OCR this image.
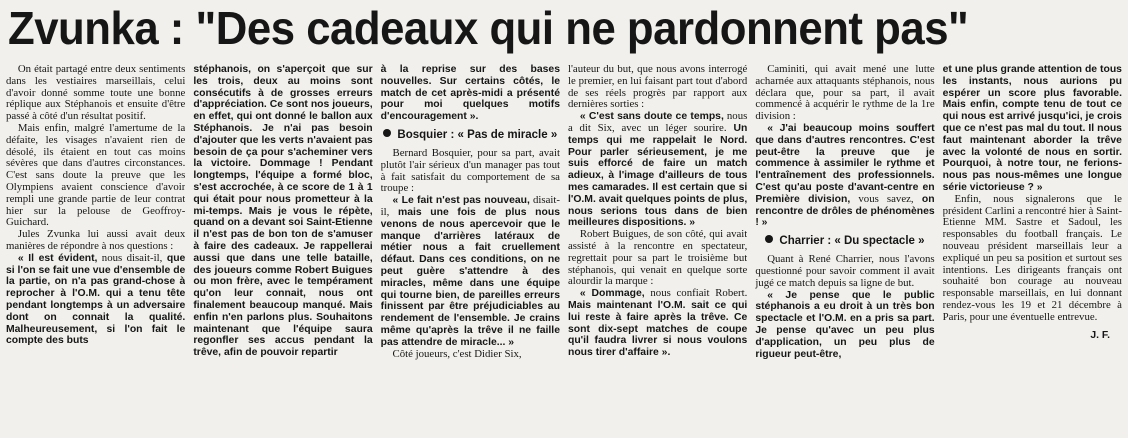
Zvunka : "Des cadeaux qui ne pardonnent pas"

On était partagé entre deux sentiments dans les vestiaires marseillais, celui d'avoir donné somme toute une bonne réplique aux Stéphanois et ensuite d'être passé à côté d'un résultat positif.

Mais enfin, malgré l'amertume de la défaite, les visages n'avaient rien de désolé, ils étaient en tout cas moins sévères que dans d'autres circonstances. C'est sans doute la preuve que les Olympiens avaient conscience d'avoir rempli une grande partie de leur contrat hier sur la pelouse de Geoffroy-Guichard.

Jules Zvunka lui aussi avait deux manières de répondre à nos questions :

« Il est évident, nous disait-il, que si l'on se fait une vue d'ensemble de la partie, on n'a pas grand-chose à reprocher à l'O.M. qui a tenu tête pendant longtemps à un adversaire dont on connait la qualité. Malheureusement, si l'on fait le compte des buts

stéphanois, on s'aperçoit que sur les trois, deux au moins sont consécutifs à de grosses erreurs d'appréciation. Ce sont nos joueurs, en effet, qui ont donné le ballon aux Stéphanois. Je n'ai pas besoin d'ajouter que les verts n'avaient pas besoin de ça pour s'acheminer vers la victoire. Dommage ! Pendant longtemps, l'équipe a formé bloc, s'est accrochée, à ce score de 1 à 1 qui était pour nous prometteur à la mi-temps. Mais je vous le répète, quand on a devant soi Saint-Etienne il n'est pas de bon ton de s'amuser à faire des cadeaux. Je rappellerai aussi que dans une telle bataille, des joueurs comme Robert Buigues ou mon frère, avec le tempérament qu'on leur connait, nous ont finalement beaucoup manqué. Mais enfin n'en parlons plus. Souhaitons maintenant que l'équipe saura regonfler ses accus pendant la trêve, afin de pouvoir repartir

à la reprise sur des bases nouvelles. Sur certains côtés, le match de cet après-midi a présenté pour moi quelques motifs d'encouragement ».

Bosquier : « Pas de miracle »

Bernard Bosquier, pour sa part, avait plutôt l'air sérieux d'un manager pas tout à fait satisfait du comportement de sa troupe :

« Le fait n'est pas nouveau, disait-il, mais une fois de plus nous venons de nous apercevoir que le manque d'arrières latéraux de métier nous a fait cruellement défaut. Dans ces conditions, on ne peut guère s'attendre à des miracles, même dans une équipe qui tourne bien, de pareilles erreurs finissent par être préjudiciables au rendement de l'ensemble. Je crains même qu'après la trêve il ne faille pas attendre de miracle... »

Côté joueurs, c'est Didier Six,

l'auteur du but, que nous avons interrogé le premier, en lui faisant part tout d'abord de ses réels progrès par rapport aux dernières sorties :

« C'est sans doute ce temps, nous a dit Six, avec un léger sourire. Un temps qui me rappelait le Nord. Pour parler sérieusement, je me suis efforcé de faire un match adieux, à l'image d'ailleurs de tous mes camarades. Il est certain que si l'O.M. avait quelques points de plus, nous serions tous dans de bien meilleures dispositions. »

Robert Buigues, de son côté, qui avait assisté à la rencontre en spectateur, regrettait pour sa part le troisième but stéphanois, qui venait en quelque sorte alourdir la marque :

« Dommage, nous confiait Robert. Mais maintenant l'O.M. sait ce qui lui reste à faire après la trêve. Ce sont dix-sept matches de coupe qu'il faudra livrer si nous voulons nous tirer d'affaire ».

Caminiti, qui avait mené une lutte acharnée aux attaquants stéphanois, nous déclara que, pour sa part, il avait commencé à acquérir le rythme de la 1re division :

« J'ai beaucoup moins souffert que dans d'autres rencontres. C'est peut-être la preuve que je commence à assimiler le rythme et l'entraînement des professionnels. C'est qu'au poste d'avant-centre en Première division, vous savez, on rencontre de drôles de phénomènes ! »

Charrier : « Du spectacle »

Quant à René Charrier, nous l'avons questionné pour savoir comment il avait jugé ce match depuis sa ligne de but.

« Je pense que le public stéphanois a eu droit à un très bon spectacle et l'O.M. en a pris sa part. Je pense qu'avec un peu plus d'application, un peu plus de rigueur peut-être,

et une plus grande attention de tous les instants, nous aurions pu espérer un score plus favorable. Mais enfin, compte tenu de tout ce qui nous est arrivé jusqu'ici, je crois que ce n'est pas mal du tout. Il nous faut maintenant aborder la trêve avec la volonté de nous en sortir. Pourquoi, à notre tour, ne ferions-nous pas nous-mêmes une longue série victorieuse ? »

Enfin, nous signalerons que le président Carlini a rencontré hier à Saint-Etienne MM. Sastre et Sadoul, les responsables du football français. Le nouveau président marseillais leur a expliqué un peu sa position et surtout ses intentions. Les dirigeants français ont souhaité bon courage au nouveau responsable marseillais, en lui donnant rendez-vous les 19 et 21 décembre à Paris, pour une éventuelle entrevue.

J. F.
